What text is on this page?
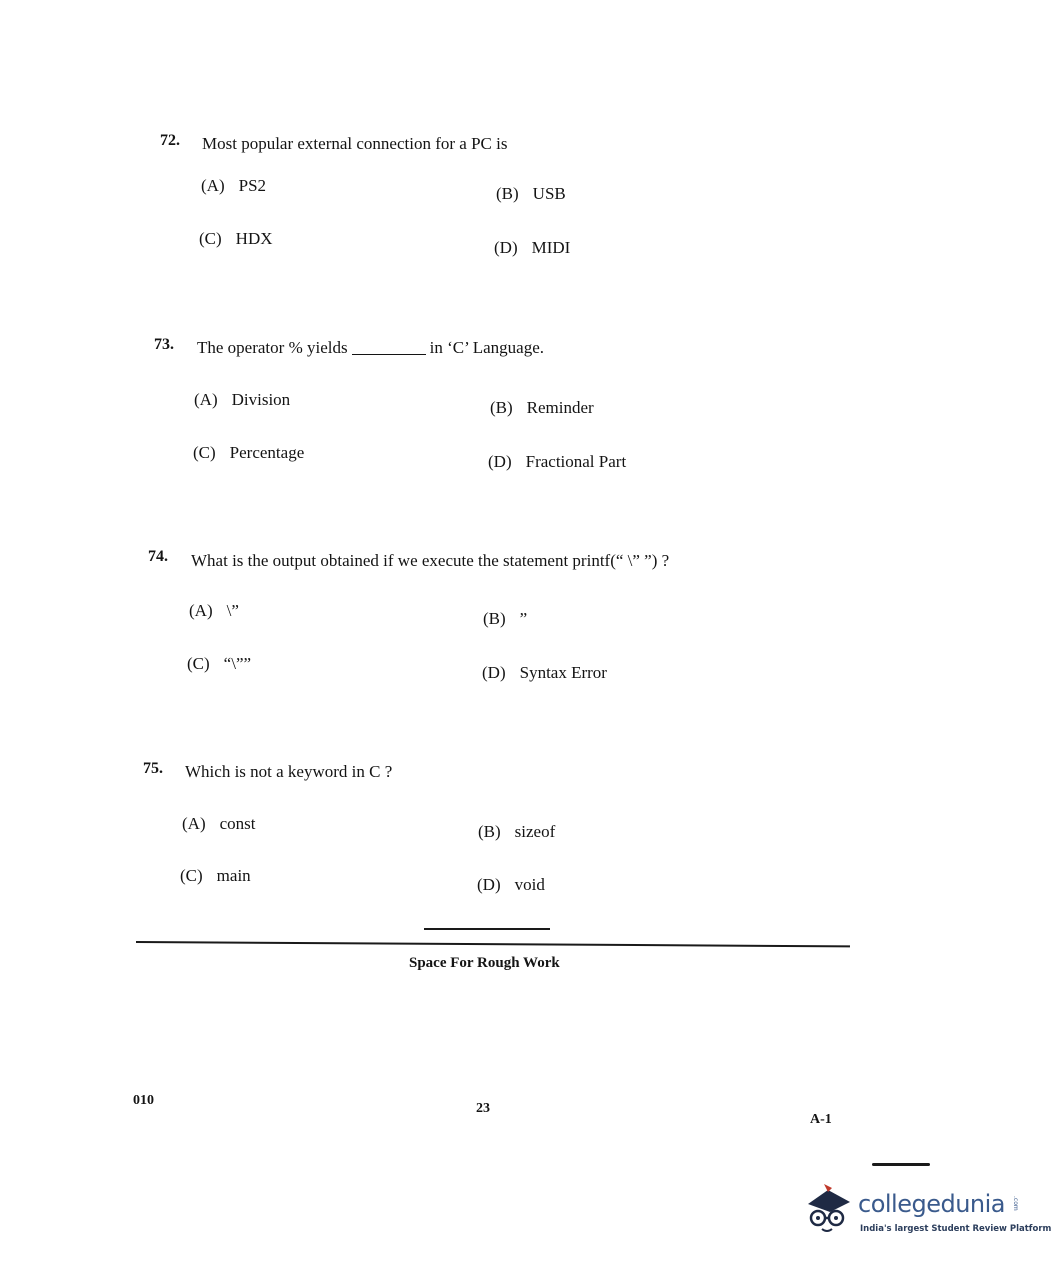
72. Most popular external connection for a PC is
(A) PS2	(B) USB
(C) HDX	(D) MIDI
73. The operator % yields	in ‘C’ Language.
(A) Division	(B) Reminder
(C) Percentage	(D) Fractional Part
74. What is the output obtained if we execute the statement printf(“ \” ”) ?
(A) \”	(B) ”
(C) “\””	(D) Syntax Error
75. Which is not a keyword in C ?
(A) const	(B) sizeof
(C) main	(D) void
Space For Rough Work
010
23
A-1
collegedunia .com
India's largest Student Review Platform
